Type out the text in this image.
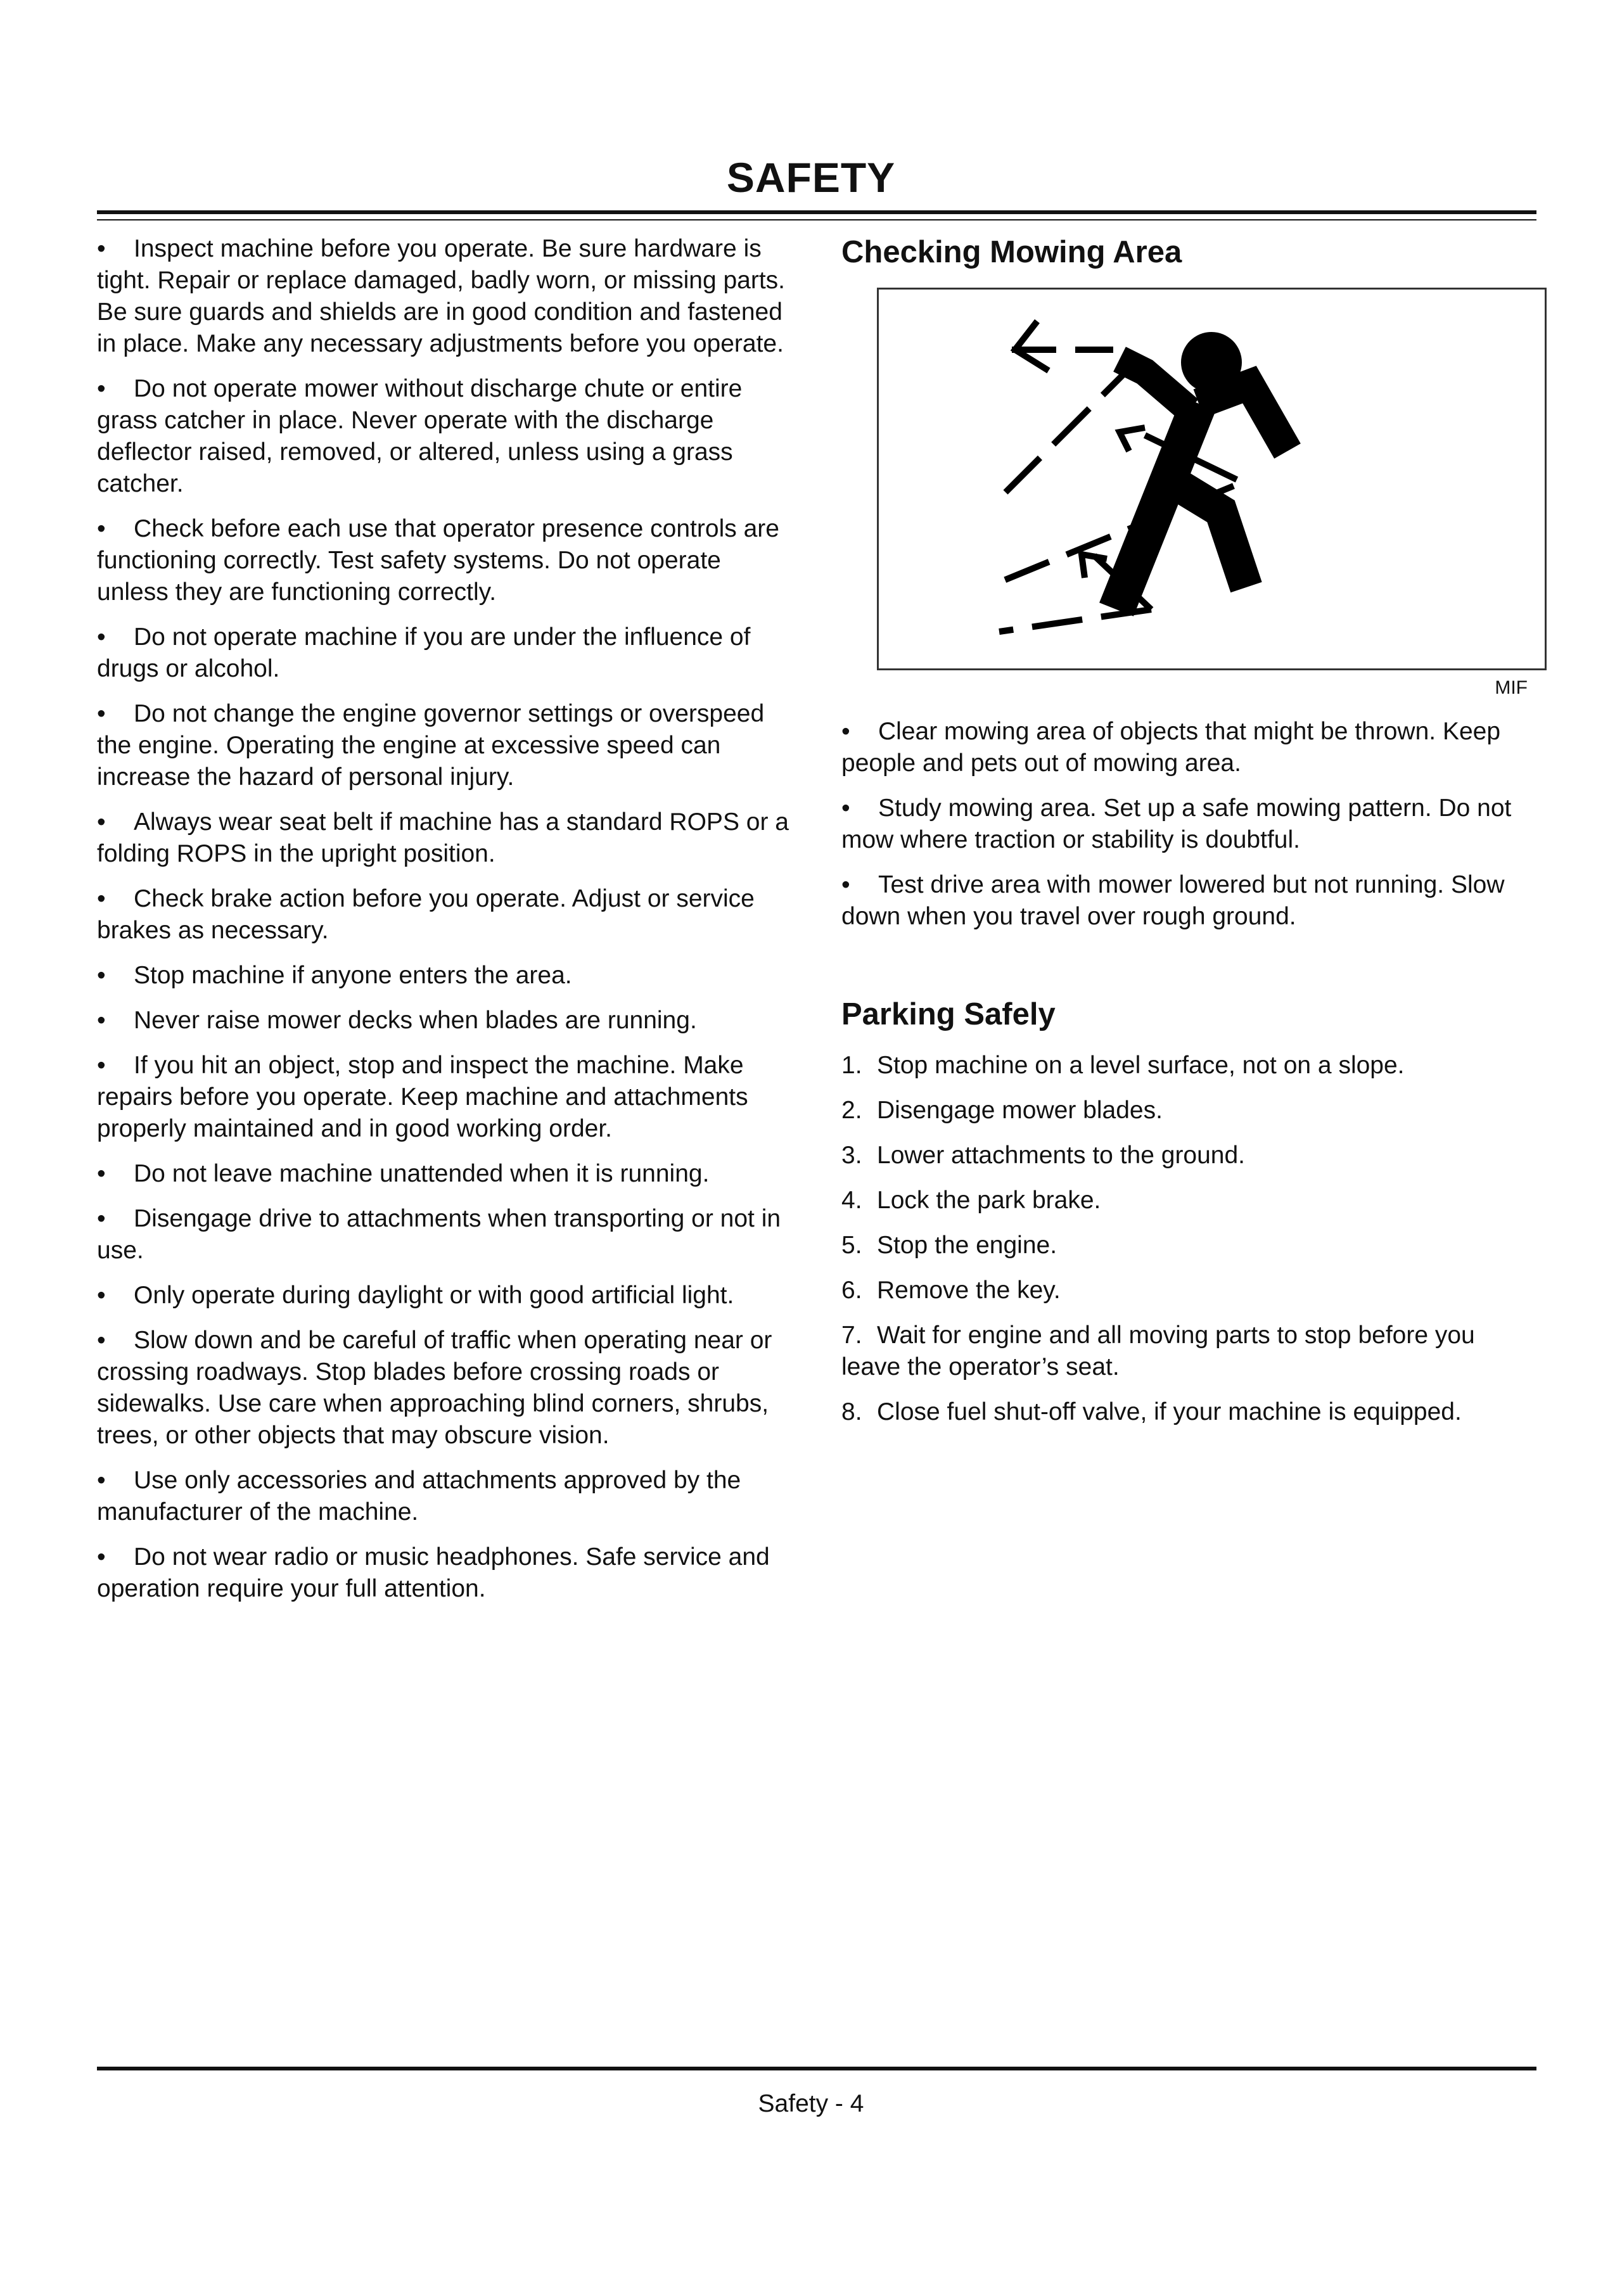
SAFETY
• Inspect machine before you operate. Be sure hardware is tight. Repair or replace damaged, badly worn, or missing parts. Be sure guards and shields are in good condition and fastened in place. Make any necessary adjustments before you operate.
• Do not operate mower without discharge chute or entire grass catcher in place. Never operate with the discharge deflector raised, removed, or altered, unless using a grass catcher.
• Check before each use that operator presence controls are functioning correctly. Test safety systems. Do not operate unless they are functioning correctly.
• Do not operate machine if you are under the influence of drugs or alcohol.
• Do not change the engine governor settings or overspeed the engine. Operating the engine at excessive speed can increase the hazard of personal injury.
• Always wear seat belt if machine has a standard ROPS or a folding ROPS in the upright position.
• Check brake action before you operate. Adjust or service brakes as necessary.
• Stop machine if anyone enters the area.
• Never raise mower decks when blades are running.
• If you hit an object, stop and inspect the machine. Make repairs before you operate. Keep machine and attachments properly maintained and in good working order.
• Do not leave machine unattended when it is running.
• Disengage drive to attachments when transporting or not in use.
• Only operate during daylight or with good artificial light.
• Slow down and be careful of traffic when operating near or crossing roadways. Stop blades before crossing roads or sidewalks. Use care when approaching blind corners, shrubs, trees, or other objects that may obscure vision.
• Use only accessories and attachments approved by the manufacturer of the machine.
• Do not wear radio or music headphones. Safe service and operation require your full attention.
Checking Mowing Area
MIF
• Clear mowing area of objects that might be thrown. Keep people and pets out of mowing area.
• Study mowing area. Set up a safe mowing pattern. Do not mow where traction or stability is doubtful.
• Test drive area with mower lowered but not running. Slow down when you travel over rough ground.
Parking Safely
1. Stop machine on a level surface, not on a slope.
2. Disengage mower blades.
3. Lower attachments to the ground.
4. Lock the park brake.
5. Stop the engine.
6. Remove the key.
7. Wait for engine and all moving parts to stop before you leave the operator’s seat.
8. Close fuel shut-off valve, if your machine is equipped.
Safety - 4
